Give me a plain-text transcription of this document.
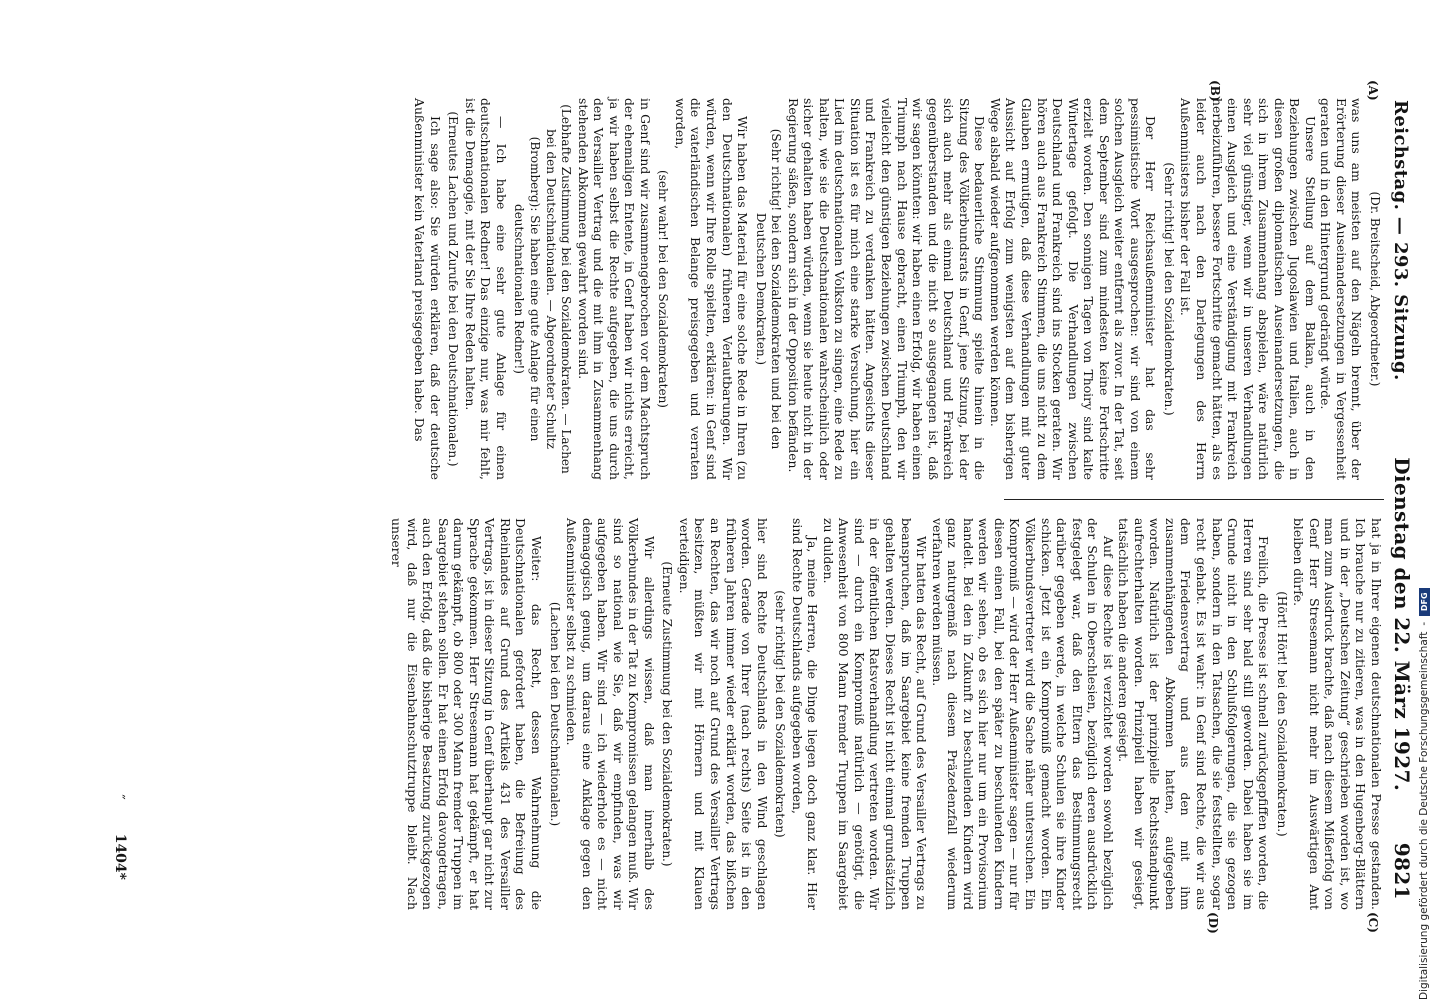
Reichstag. — 293. Sitzung.
Dienstag den 22. März 1927.       9821
(A)
(B)
(C)
(D)

(Dr. Breitscheid, Abgeordneter.)

was uns am meisten auf den Nägeln brennt, über der Erörterung dieser Auseinandersetzungen in Vergessenheit geraten und in den Hintergrund gedrängt würde.

Unsere Stellung auf dem Balkan, auch in den Beziehungen zwischen Jugoslawien und Italien, auch in diesen großen diplomatischen Auseinandersetzungen, die sich in ihrem Zusammenhang abspielen, wäre natürlich sehr viel günstiger, wenn wir in unseren Verhandlungen einen Ausgleich und eine Verständigung mit Frankreich herbeizuführen, bessere Fortschritte gemacht hätten, als es leider auch nach den Darlegungen des Herrn Außenministers bisher der Fall ist.

(Sehr richtig! bei den Sozialdemokraten.)

Der Herr Reichsaußenminister hat das sehr pessimistische Wort ausgesprochen: wir sind von einem solchen Ausgleich weiter entfernt als zuvor. In der Tat, seit dem September sind zum mindesten keine Fortschritte erzielt worden. Den sonnigen Tagen von Thoiry sind kalte Wintertage gefolgt. Die Verhandlungen zwischen Deutschland und Frankreich sind ins Stocken geraten. Wir hören auch aus Frankreich Stimmen, die uns nicht zu dem Glauben ermutigen, daß diese Verhandlungen mit guter Aussicht auf Erfolg zum wenigsten auf dem bisherigen Wege alsbald wieder aufgenommen werden können.

Diese bedauerliche Stimmung spielte hinein in die Sitzung des Völkerbundsrats in Genf, jene Sitzung, bei der sich auch mehr als einmal Deutschland und Frankreich gegenüberstanden und die nicht so ausgegangen ist, daß wir sagen könnten: wir haben einen Erfolg, wir haben einen Triumph nach Hause gebracht, einen Triumph, den wir vielleicht den günstigen Beziehungen zwischen Deutschland und Frankreich zu verdanken hätten. Angesichts dieser Situation ist es für mich eine starke Versuchung, hier ein Lied im deutschnationalen Volkston zu singen, eine Rede zu halten, wie sie die Deutschnationalen wahrscheinlich oder sicher gehalten haben würden, wenn sie heute nicht in der Regierung säßen, sondern sich in der Opposition befänden.

(Sehr richtig! bei den Sozialdemokraten und bei den Deutschen Demokraten.)

Wir haben das Material für eine solche Rede in Ihren (zu den Deutschnationalen) früheren Verlautbarungen. Wir würden, wenn wir Ihre Rolle spielten, erklären: in Genf sind die vaterländischen Belange preisgegeben und verraten worden,

(sehr wahr! bei den Sozialdemokraten)

in Genf sind wir zusammengebrochen vor dem Machtspruch der ehemaligen Entente, in Genf haben wir nichts erreicht, ja wir haben selbst die Rechte aufgegeben, die uns durch den Versailler Vertrag und die mit ihm in Zusammenhang stehenden Abkommen gewahrt worden sind.

(Lebhafte Zustimmung bei den Sozialdemokraten. — Lachen bei den Deutschnationalen. — Abgeordneter Schultz (Bromberg): Sie haben eine gute Anlage für einen deutschnationalen Redner!)

— Ich habe eine sehr gute Anlage für einen deutschnationalen Redner! Das einzige nur, was mir fehlt, ist die Demagogie, mit der Sie Ihre Reden halten.

(Erneutes Lachen und Zurufe bei den Deutschnationalen.)

Ich sage also: Sie würden erklären, daß der deutsche Außenminister kein Vaterland preisgegeben habe. Das

hat ja in Ihrer eigenen deutschnationalen Presse gestanden. Ich brauche nur zu zitieren, was in den Hugenberg-Blättern und in der „Deutschen Zeitung“ geschrieben worden ist, wo man zum Ausdruck brachte, daß nach diesem Mißerfolg von Genf Herr Stresemann nicht mehr im Auswärtigen Amt bleiben dürfe.

(Hört! Hört! bei den Sozialdemokraten.)

Freilich, die Presse ist schnell zurückgepfiffen worden, die Herren sind sehr bald still geworden. Dabei haben sie im Grunde nicht in den Schlußfolgerungen, die sie gezogen haben, sondern in den Tatsachen, die sie feststellten, sogar recht gehabt. Es ist wahr: in Genf sind Rechte, die wir aus dem Friedensvertrag und aus den mit ihm zusammenhängenden Abkommen hatten, aufgegeben worden. Natürlich ist der prinzipielle Rechtsstandpunkt aufrechterhalten worden. Prinzipiell haben wir gesiegt, tatsächlich haben die anderen gesiegt.

Auf diese Rechte ist verzichtet worden sowohl bezüglich der Schulen in Oberschlesien, bezüglich deren ausdrücklich festgelegt war, daß den Eltern das Bestimmungsrecht darüber gegeben werde, in welche Schulen sie ihre Kinder schicken. Jetzt ist ein Kompromiß gemacht worden. Ein Völkerbundsvertreter wird die Sache näher untersuchen. Ein Kompromiß — wird der Herr Außenminister sagen — nur für diesen einen Fall, bei den später zu beschulenden Kindern werden wir sehen, ob es sich hier nur um ein Provisorium handelt. Bei den in Zukunft zu beschulenden Kindern wird ganz naturgemäß nach diesem Präzedenzfall wiederum verfahren werden müssen.

Wir hatten das Recht, auf Grund des Versailler Vertrags zu beanspruchen, daß im Saargebiet keine fremden Truppen gehalten werden. Dieses Recht ist nicht einmal grundsätzlich in der öffentlichen Ratsverhandlung vertreten worden. Wir sind — durch ein Kompromiß natürlich — genötigt, die Anwesenheit von 800 Mann fremder Truppen im Saargebiet zu dulden.

Ja, meine Herren, die Dinge liegen doch ganz klar. Hier sind Rechte Deutschlands aufgegeben worden,

(sehr richtig! bei den Sozialdemokraten)

hier sind Rechte Deutschlands in den Wind geschlagen worden. Gerade von Ihrer (nach rechts) Seite ist in den früheren Jahren immer wieder erklärt worden, das bißchen an Rechten, das wir noch auf Grund des Versailler Vertrags besitzen, müßten wir mit Hörnern und mit Klauen verteidigen.

(Erneute Zustimmung bei den Sozialdemokraten.)

Wir allerdings wissen, daß man innerhalb des Völkerbundes in der Tat zu Kompromissen gelangen muß. Wir sind so national wie Sie, daß wir empfinden, was wir aufgegeben haben. Wir sind — ich wiederhole es — nicht demagogisch genug, um daraus eine Anklage gegen den Außenminister selbst zu schmieden.

(Lachen bei den Deutschnationalen.)

Weiter: das Recht, dessen Wahrnehmung die Deutschnationalen gefordert haben, die Befreiung des Rheinlandes auf Grund des Artikels 431 des Versailler Vertrags, ist in dieser Sitzung in Genf überhaupt gar nicht zur Sprache gekommen. Herr Stresemann hat gekämpft, er hat darum gekämpft, ob 800 oder 300 Mann fremder Truppen im Saargebiet stehen sollen. Er hat einen Erfolg davongetragen, auch den Erfolg, daß die bisherige Besatzung zurückgezogen wird, daß nur die Eisenbahnschutztruppe bleibt. Nach unserer

˝
1404*	Digitalisierung gefördert durch die Deutsche Forschungsgemeinschaft
-
DFG
